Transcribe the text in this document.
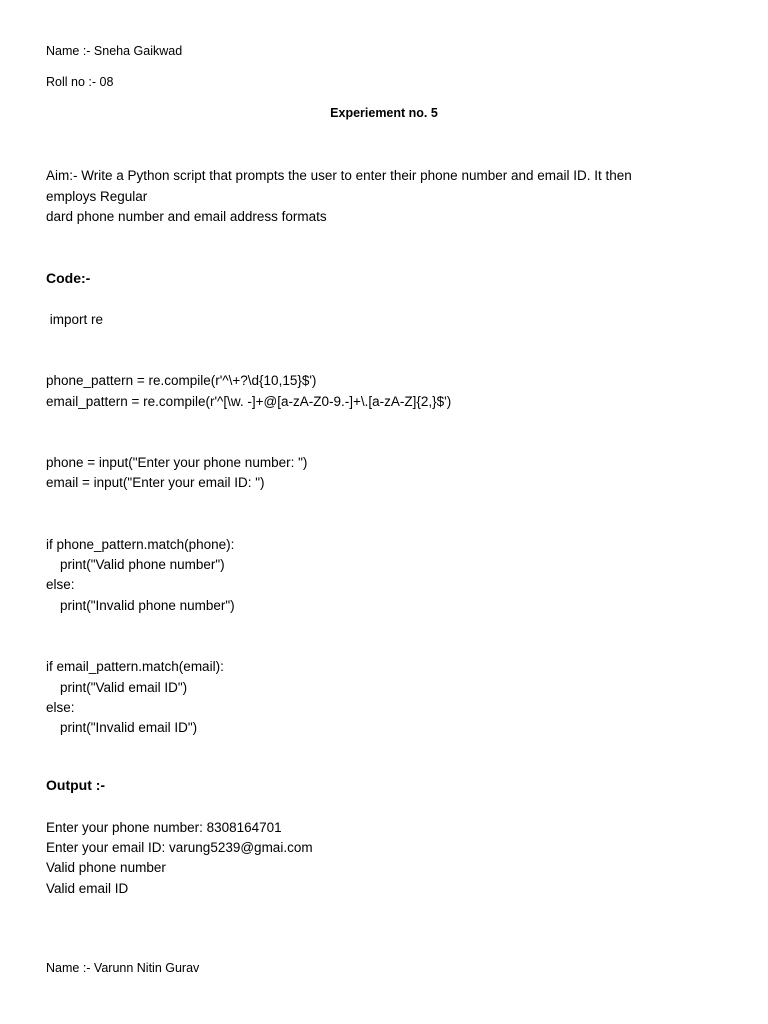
Name :- Sneha Gaikwad
Roll no :- 08
Experiement no. 5
Aim:- Write a Python script that prompts the user to enter their phone number and email ID. It then
employs Regular
dard phone number and email address formats
Code:-
import re
phone_pattern = re.compile(r'^\+?\d{10,15}$')
email_pattern = re.compile(r'^[\w. -]+@[a-zA-Z0-9.-]+\.[a-zA-Z]{2,}$')
phone = input("Enter your phone number: ")
email = input("Enter your email ID: ")
if phone_pattern.match(phone):
print("Valid phone number")
else:
print("Invalid phone number")
if email_pattern.match(email):
print("Valid email ID")
else:
print("Invalid email ID")
Output :-
Enter your phone number: 8308164701
Enter your email ID: varung5239@gmai.com
Valid phone number
Valid email ID
Name :- Varunn Nitin Gurav
